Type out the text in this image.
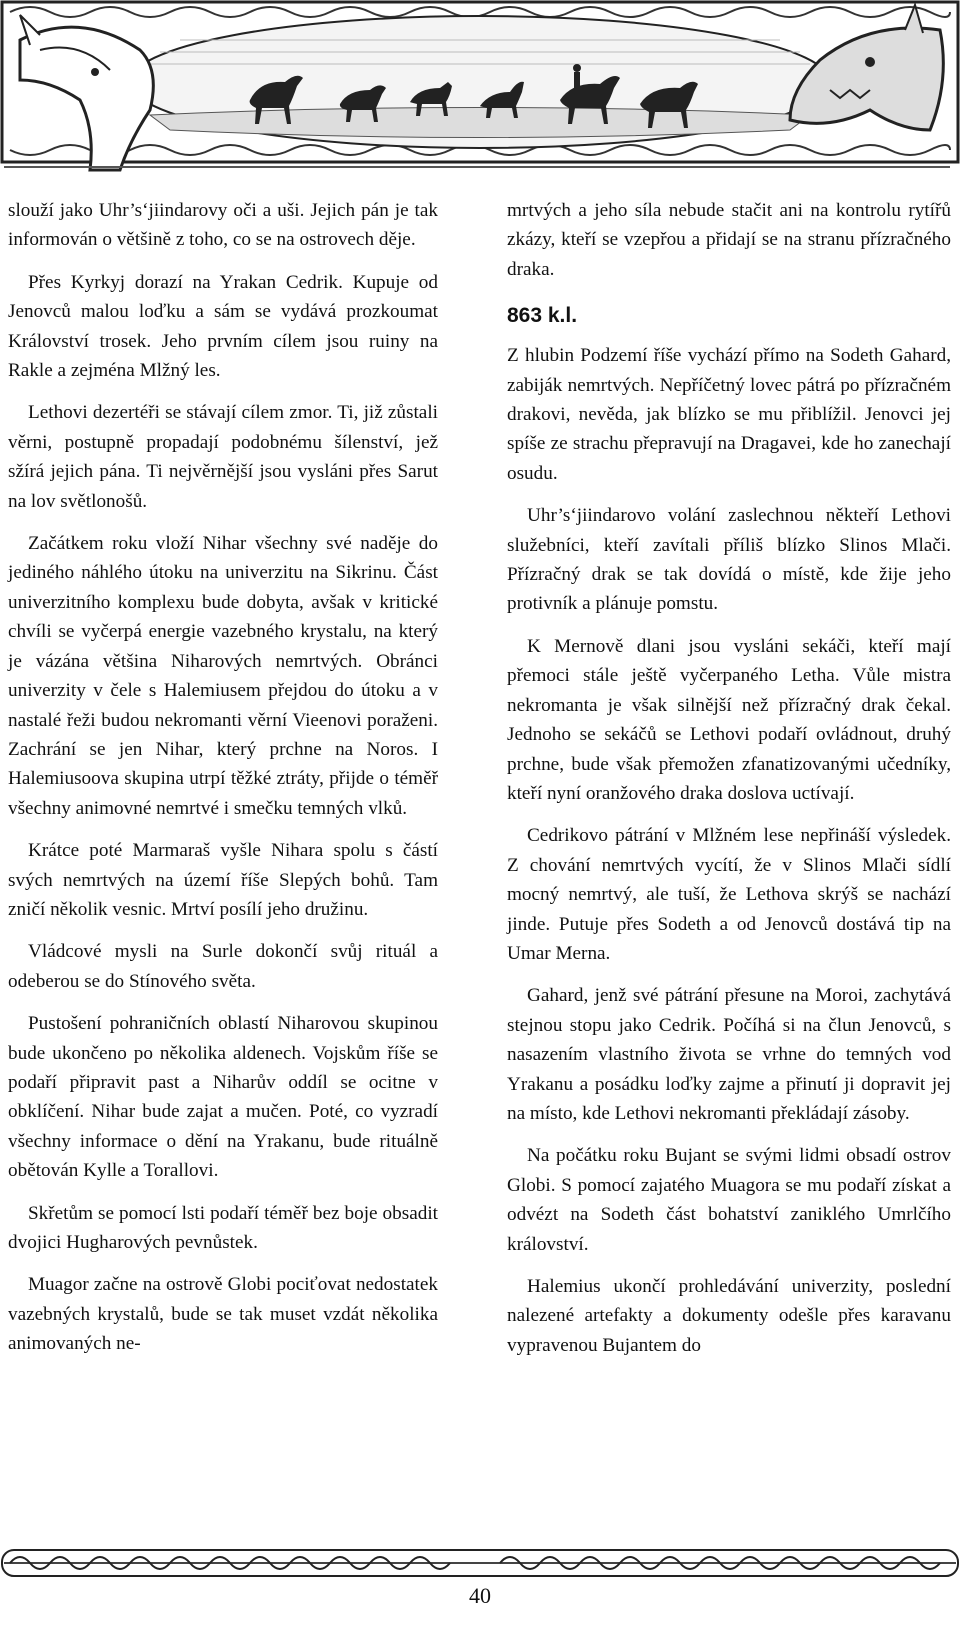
slouží jako Uhr’s‘jiindarovy oči a uši. Jejich pán je tak informován o většině z toho, co se na ostrovech děje.

Přes Kyrkyj dorazí na Yrakan Cedrik. Kupuje od Jenovců malou loďku a sám se vydává prozkoumat Království trosek. Jeho prvním cílem jsou ruiny na Rakle a zejména Mlžný les.

Lethovi dezertéři se stávají cílem zmor. Ti, již zůstali věrni, postupně propadají podobnému šílenství, jež sžírá jejich pána. Ti nejvěrnější jsou vysláni přes Sarut na lov světlonošů.

Začátkem roku vloží Nihar všechny své naděje do jediného náhlého útoku na univerzitu na Sikrinu. Část univerzitního komplexu bude dobyta, avšak v kritické chvíli se vyčerpá energie vazebného krystalu, na který je vázána většina Niharových nemrtvých. Obránci univerzity v čele s Halemiusem přejdou do útoku a v nastalé řeži budou nekromanti věrní Vieenovi poraženi. Zachrání se jen Nihar, který prchne na Noros. I Halemiusoova skupina utrpí těžké ztráty, přijde o téměř všechny animovné nemrtvé i smečku temných vlků.

Krátce poté Marmaraš vyšle Nihara spolu s částí svých nemrtvých na území říše Slepých bohů. Tam zničí několik vesnic. Mrtví posílí jeho družinu.

Vládcové mysli na Surle dokončí svůj rituál a odeberou se do Stínového světa.

Pustošení pohraničních oblastí Niharovou skupinou bude ukončeno po několika aldenech. Vojskům říše se podaří připravit past a Niharův oddíl se ocitne v obklíčení. Nihar bude zajat a mučen. Poté, co vyzradí všechny informace o dění na Yrakanu, bude rituálně obětován Kylle a Torallovi.

Skřetům se pomocí lsti podaří téměř bez boje obsadit dvojici Hugharových pevnůstek.

Muagor začne na ostrově Globi pociťovat nedostatek vazebných krystalů, bude se tak muset vzdát několika animovaných ne-

mrtvých a jeho síla nebude stačit ani na kontrolu rytířů zkázy, kteří se vzepřou a přidají se na stranu přízračného draka.

863 k.l.

Z hlubin Podzemí říše vychází přímo na Sodeth Gahard, zabiják nemrtvých. Nepříčetný lovec pátrá po přízračném drakovi, nevěda, jak blízko se mu přiblížil. Jenovci jej spíše ze strachu přepravují na Dragavei, kde ho zanechají osudu.

Uhr’s‘jiindarovo volání zaslechnou někteří Lethovi služebníci, kteří zavítali příliš blízko Slinos Mlači. Přízračný drak se tak dovídá o místě, kde žije jeho protivník a plánuje pomstu.

K Mernově dlani jsou vysláni sekáči, kteří mají přemoci stále ještě vyčerpaného Letha. Vůle mistra nekromanta je však silnější než přízračný drak čekal. Jednoho se sekáčů se Lethovi podaří ovládnout, druhý prchne, bude však přemožen zfanatizovanými učedníky, kteří nyní oranžového draka doslova uctívají.

Cedrikovo pátrání v Mlžném lese nepřináší výsledek. Z chování nemrtvých vycítí, že v Slinos Mlači sídlí mocný nemrtvý, ale tuší, že Lethova skrýš se nachází jinde. Putuje přes Sodeth a od Jenovců dostává tip na Umar Merna.

Gahard, jenž své pátrání přesune na Moroi, zachytává stejnou stopu jako Cedrik. Počíhá si na člun Jenovců, s nasazením vlastního života se vrhne do temných vod Yrakanu a posádku loďky zajme a přinutí ji dopravit jej na místo, kde Lethovi nekromanti překládají zásoby.

Na počátku roku Bujant se svými lidmi obsadí ostrov Globi. S pomocí zajatého Muagora se mu podaří získat a odvézt na Sodeth část bohatství zaniklého Umrlčího království.

Halemius ukončí prohledávání univerzity, poslední nalezené artefakty a dokumenty odešle přes karavanu vypravenou Bujantem do

40
